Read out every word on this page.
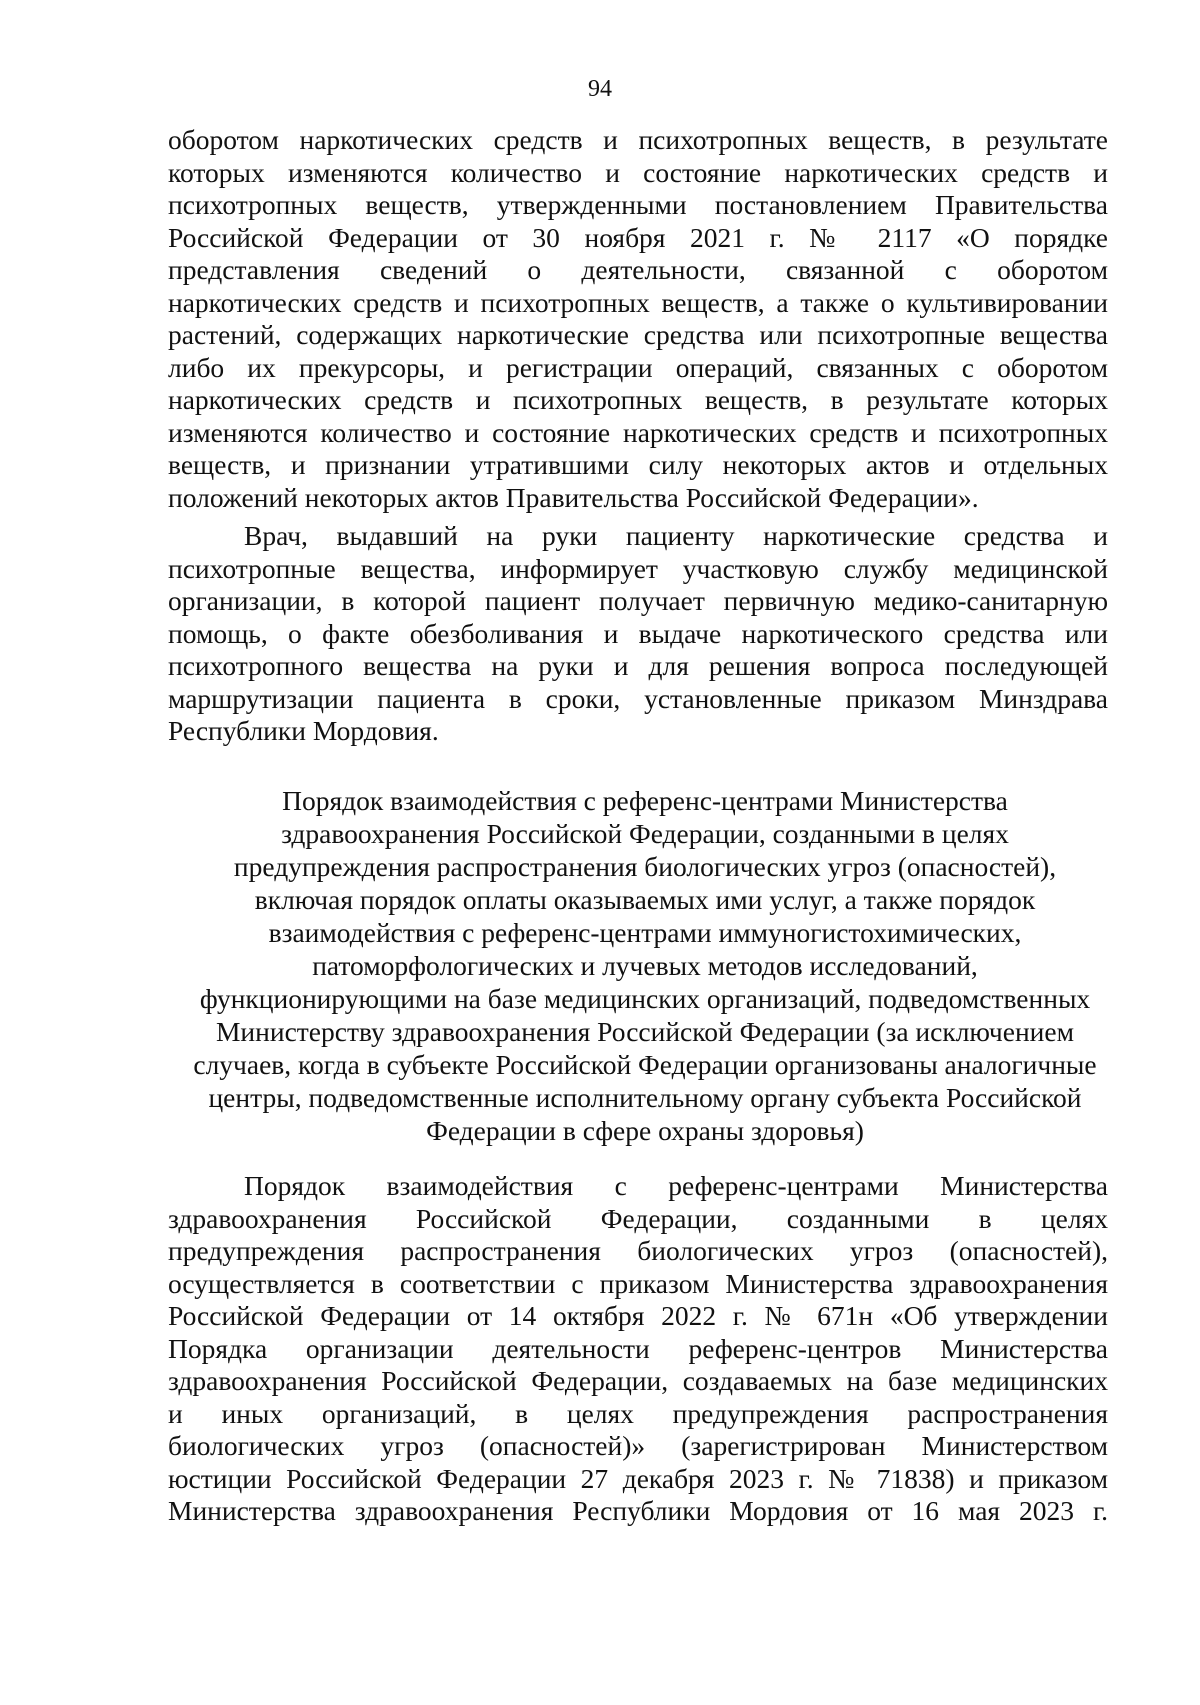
94
оборотом наркотических средств и психотропных веществ, в результате
которых изменяются количество и состояние наркотических средств и
психотропных веществ, утвержденными постановлением Правительства
Российской Федерации от 30 ноября 2021 г. № 2117 «О порядке
представления сведений о деятельности, связанной с оборотом
наркотических средств и психотропных веществ, а также о культивировании
растений, содержащих наркотические средства или психотропные вещества
либо их прекурсоры, и регистрации операций, связанных с оборотом
наркотических средств и психотропных веществ, в результате которых
изменяются количество и состояние наркотических средств и психотропных
веществ, и признании утратившими силу некоторых актов и отдельных
положений некоторых актов Правительства Российской Федерации».
Врач, выдавший на руки пациенту наркотические средства и
психотропные вещества, информирует участковую службу медицинской
организации, в которой пациент получает первичную медико-санитарную
помощь, о факте обезболивания и выдаче наркотического средства или
психотропного вещества на руки и для решения вопроса последующей
маршрутизации пациента в сроки, установленные приказом Минздрава
Республики Мордовия.
Порядок взаимодействия с референс-центрами Министерства
здравоохранения Российской Федерации, созданными в целях
предупреждения распространения биологических угроз (опасностей),
включая порядок оплаты оказываемых ими услуг, а также порядок
взаимодействия с референс-центрами иммуногистохимических,
патоморфологических и лучевых методов исследований,
функционирующими на базе медицинских организаций, подведомственных
Министерству здравоохранения Российской Федерации (за исключением
случаев, когда в субъекте Российской Федерации организованы аналогичные
центры, подведомственные исполнительному органу субъекта Российской
Федерации в сфере охраны здоровья)
Порядок взаимодействия с референс-центрами Министерства
здравоохранения Российской Федерации, созданными в целях
предупреждения распространения биологических угроз (опасностей),
осуществляется в соответствии с приказом Министерства здравоохранения
Российской Федерации от 14 октября 2022 г. № 671н «Об утверждении
Порядка организации деятельности референс-центров Министерства
здравоохранения Российской Федерации, создаваемых на базе медицинских
и иных организаций, в целях предупреждения распространения
биологических угроз (опасностей)» (зарегистрирован Министерством
юстиции Российской Федерации 27 декабря 2023 г. № 71838) и приказом
Министерства здравоохранения Республики Мордовия от 16 мая 2023 г.
